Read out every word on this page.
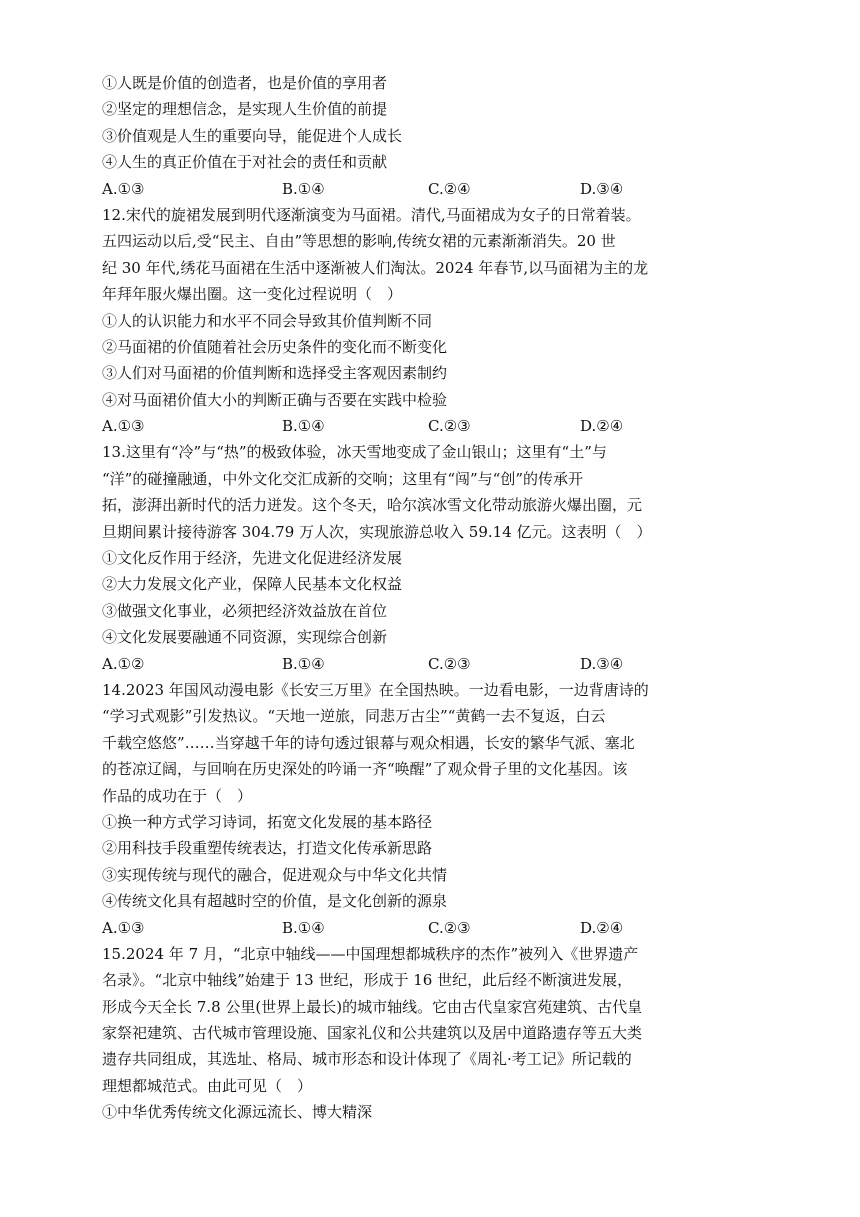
①人既是价值的创造者，也是价值的享用者
②坚定的理想信念，是实现人生价值的前提
③价值观是人生的重要向导，能促进个人成长
④人生的真正价值在于对社会的责任和贡献
A.①③	B.①④	C.②④	D.③④
12.宋代的旋裙发展到明代逐渐演变为马面裙。清代,马面裙成为女子的日常着装。
五四运动以后,受“民主、自由”等思想的影响,传统女裙的元素渐渐消失。20 世
纪 30 年代,绣花马面裙在生活中逐渐被人们淘汰。2024 年春节,以马面裙为主的龙
年拜年服火爆出圈。这一变化过程说明（　）
①人的认识能力和水平不同会导致其价值判断不同
②马面裙的价值随着社会历史条件的变化而不断变化
③人们对马面裙的价值判断和选择受主客观因素制约
④对马面裙价值大小的判断正确与否要在实践中检验
A.①③	B.①④	C.②③	D.②④
13.这里有“冷”与“热”的极致体验，冰天雪地变成了金山银山；这里有“土”与
“洋”的碰撞融通，中外文化交汇成新的交响；这里有“闯”与“创”的传承开
拓，澎湃出新时代的活力迸发。这个冬天，哈尔滨冰雪文化带动旅游火爆出圈，元
旦期间累计接待游客 304.79 万人次，实现旅游总收入 59.14 亿元。这表明（　）
①文化反作用于经济，先进文化促进经济发展
②大力发展文化产业，保障人民基本文化权益
③做强文化事业，必须把经济效益放在首位
④文化发展要融通不同资源，实现综合创新
A.①②	B.①④	C.②③	D.③④
14.2023 年国风动漫电影《长安三万里》在全国热映。一边看电影，一边背唐诗的
“学习式观影”引发热议。“天地一逆旅，同悲万古尘”“黄鹤一去不复返，白云
千载空悠悠”……当穿越千年的诗句透过银幕与观众相遇，长安的繁华气派、塞北
的苍凉辽阔，与回响在历史深处的吟诵一齐“唤醒”了观众骨子里的文化基因。该
作品的成功在于（　）
①换一种方式学习诗词，拓宽文化发展的基本路径
②用科技手段重塑传统表达，打造文化传承新思路
③实现传统与现代的融合，促进观众与中华文化共情
④传统文化具有超越时空的价值，是文化创新的源泉
A.①③	B.①④	C.②③	D.②④
15.2024 年 7 月，“北京中轴线——中国理想都城秩序的杰作”被列入《世界遗产
名录》。“北京中轴线”始建于 13 世纪，形成于 16 世纪，此后经不断演进发展，
形成今天全长 7.8 公里(世界上最长)的城市轴线。它由古代皇家宫苑建筑、古代皇
家祭祀建筑、古代城市管理设施、国家礼仪和公共建筑以及居中道路遗存等五大类
遗存共同组成，其选址、格局、城市形态和设计体现了《周礼·考工记》所记载的
理想都城范式。由此可见（　）
①中华优秀传统文化源远流长、博大精深
